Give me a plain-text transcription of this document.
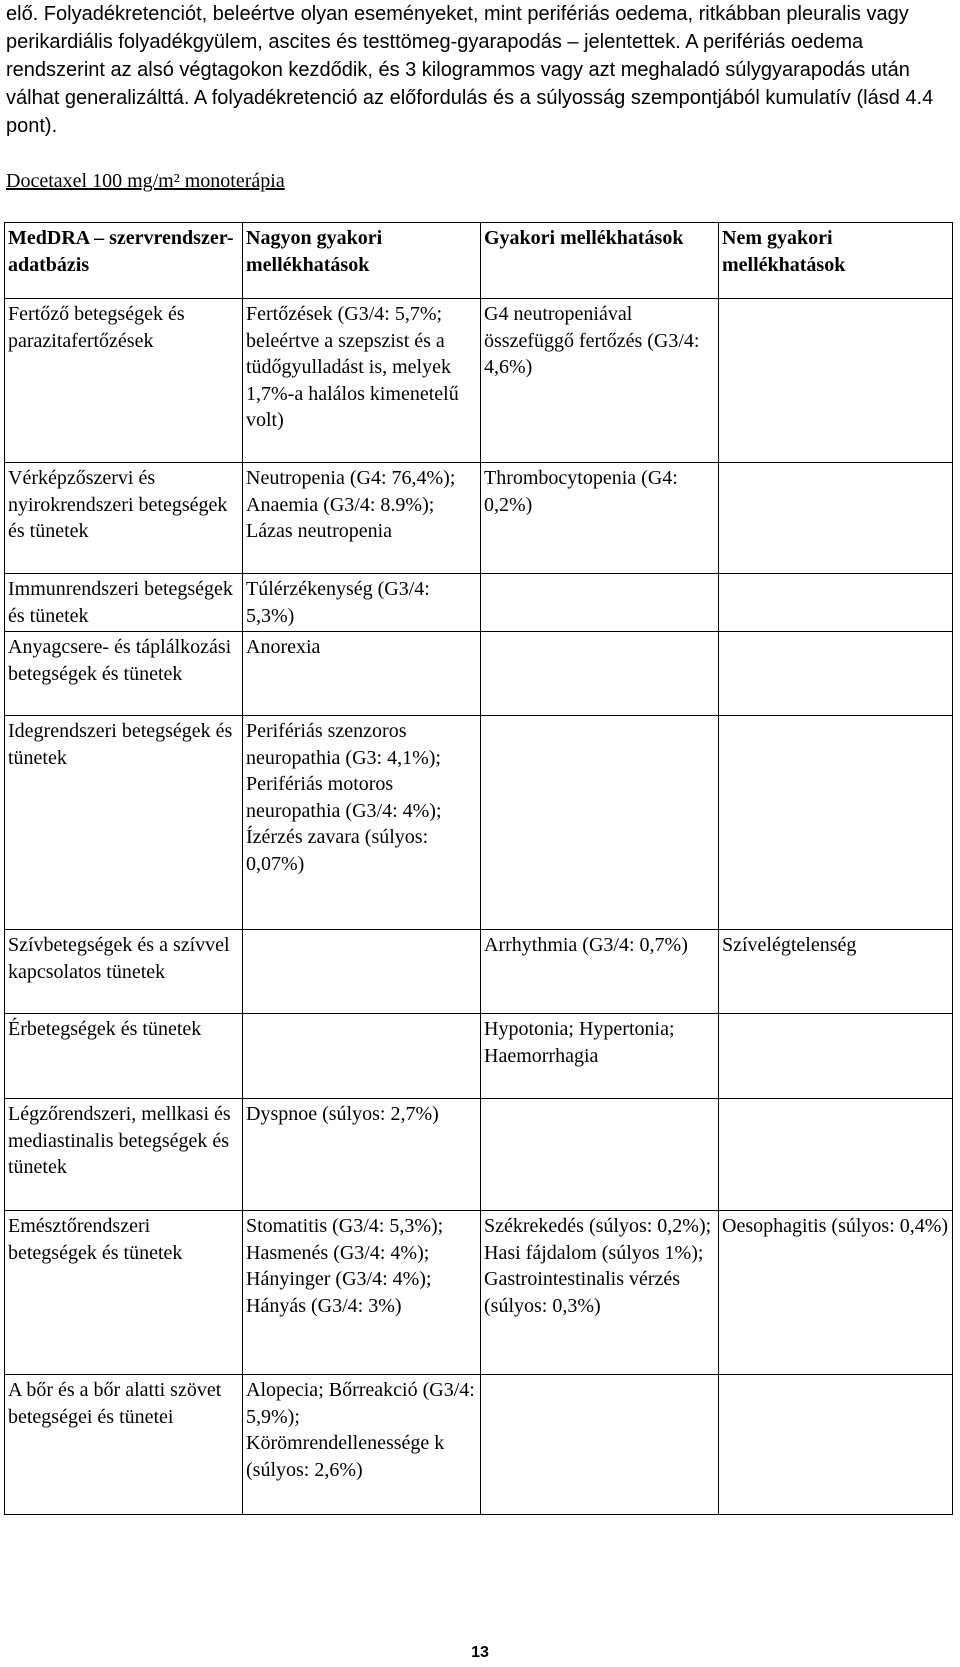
elő. Folyadékretenciót, beleértve olyan eseményeket, mint perifériás oedema, ritkábban pleuralis vagy perikardiális folyadékgyülem, ascites és testtömeg-gyarapodás – jelentettek. A perifériás oedema rendszerint az alsó végtagokon kezdődik, és 3 kilogrammos vagy azt meghaladó súlygyarapodás után válhat generalizálttá. A folyadékretenció az előfordulás és a súlyosság szempontjából kumulatív (lásd 4.4 pont).

Docetaxel 100 mg/m² monoterápia

MedDRA – szervrendszer-adatbázis	Nagyon gyakori mellékhatások	Gyakori mellékhatások	Nem gyakori mellékhatások
Fertőző betegségek és parazitafertőzések	Fertőzések (G3/4: 5,7%; beleértve a szepszist és a tüdőgyulladást is, melyek 1,7%-a halálos kimenetelű volt)	G4 neutropeniával összefüggő fertőzés (G3/4: 4,6%)	
Vérképzőszervi és nyirokrendszeri betegségek és tünetek	Neutropenia (G4: 76,4%); Anaemia (G3/4: 8.9%); Lázas neutropenia	Thrombocytopenia (G4: 0,2%)	
Immunrendszeri betegségek és tünetek	Túlérzékenység (G3/4: 5,3%)		
Anyagcsere- és táplálkozási betegségek és tünetek	Anorexia		
Idegrendszeri betegségek és tünetek	Perifériás szenzoros neuropathia (G3: 4,1%); Perifériás motoros neuropathia (G3/4: 4%); Ízérzés zavara (súlyos: 0,07%)		
Szívbetegségek és a szívvel kapcsolatos tünetek		Arrhythmia (G3/4: 0,7%)	Szívelégtelenség
Érbetegségek és tünetek		Hypotonia; Hypertonia; Haemorrhagia	
Légzőrendszeri, mellkasi és mediastinalis betegségek és tünetek	Dyspnoe (súlyos: 2,7%)		
Emésztőrendszeri betegségek és tünetek	Stomatitis (G3/4: 5,3%); Hasmenés (G3/4: 4%); Hányinger (G3/4: 4%); Hányás (G3/4: 3%)	Székrekedés (súlyos: 0,2%); Hasi fájdalom (súlyos 1%); Gastrointestinalis vérzés (súlyos: 0,3%)	Oesophagitis (súlyos: 0,4%)
A bőr és a bőr alatti szövet betegségei és tünetei	Alopecia; Bőrreakció (G3/4: 5,9%); Körömrendellenessége k (súlyos: 2,6%)		
13
